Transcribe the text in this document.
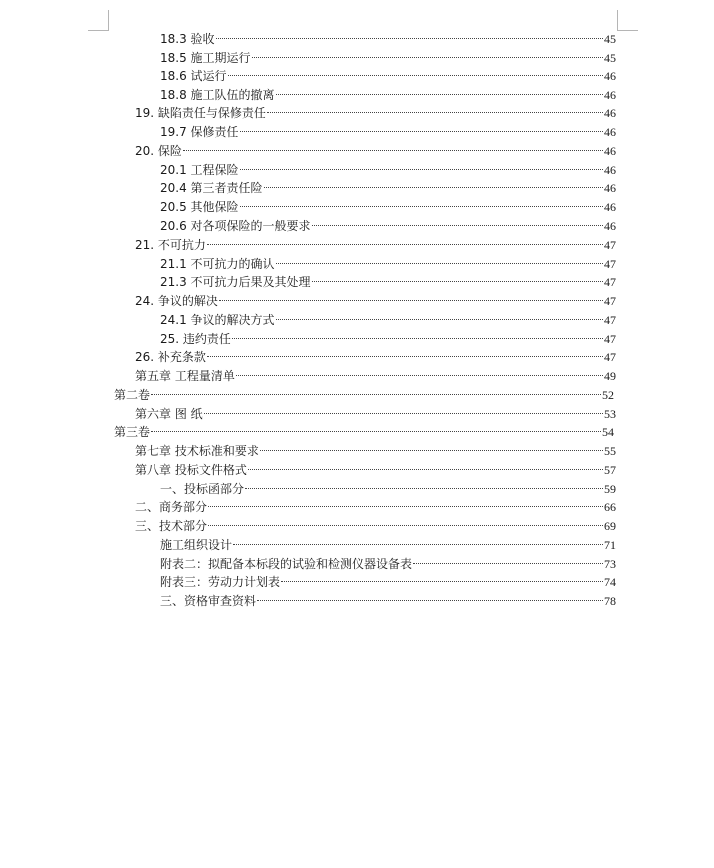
18.3 验收	45
18.5 施工期运行	45
18.6 试运行	46
18.8 施工队伍的撤离	46
19. 缺陷责任与保修责任	46
19.7 保修责任	46
20. 保险	46
20.1 工程保险	46
20.4 第三者责任险	46
20.5 其他保险	46
20.6 对各项保险的一般要求	46
21. 不可抗力	47
21.1 不可抗力的确认	47
21.3 不可抗力后果及其处理	47
24. 争议的解决	47
24.1 争议的解决方式	47
25. 违约责任	47
26. 补充条款	47
第五章 工程量清单	49
第二卷	52
第六章 图 纸	53
第三卷	54
第七章 技术标准和要求	55
第八章 投标文件格式	57
一、投标函部分	59
二、商务部分	66
三、技术部分	69
施工组织设计	71
附表二：拟配备本标段的试验和检测仪器设备表	73
附表三：劳动力计划表	74
三、资格审查资料	78
